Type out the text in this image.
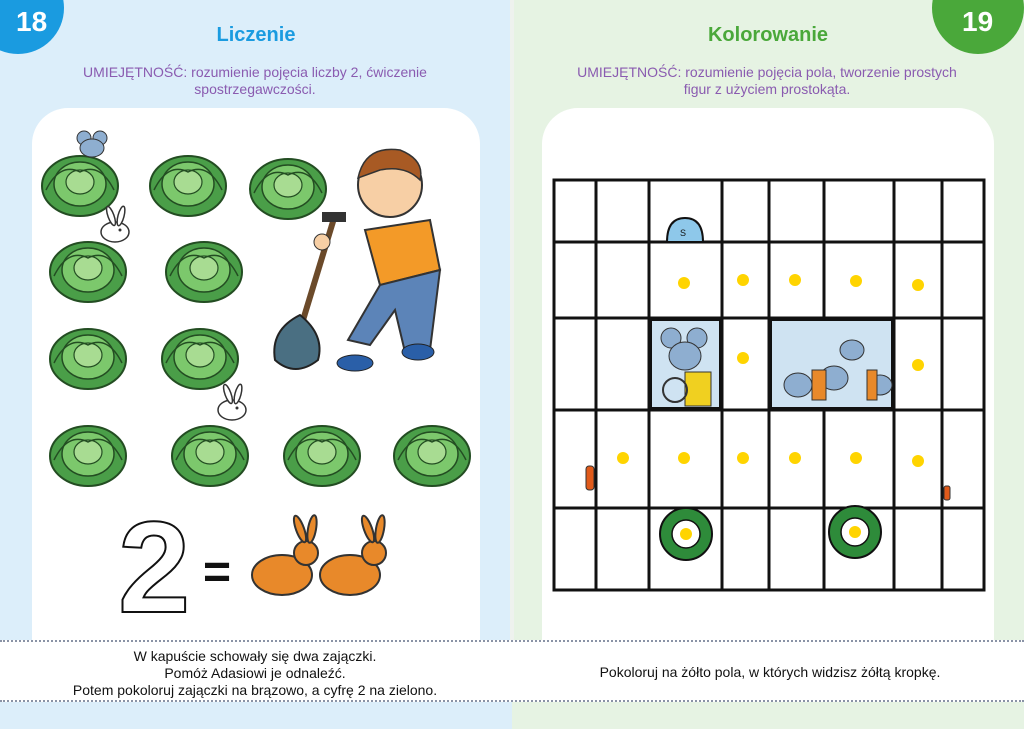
18	Liczenie
UMIEJĘTNOŚĆ: rozumienie pojęcia liczby 2, ćwiczenie spostrzegawczości.
2 =
19
Kolorowanie
UMIEJĘTNOŚĆ: rozumienie pojęcia pola, tworzenie prostych figur z użyciem prostokąta.
S
W kapuście schowały się dwa zajączki.
Pomóż Adasiowi je odnaleźć.
Potem pokoloruj zajączki na brązowo, a cyfrę 2 na zielono.
Pokoloruj na żółto pola, w których widzisz żółtą kropkę.
